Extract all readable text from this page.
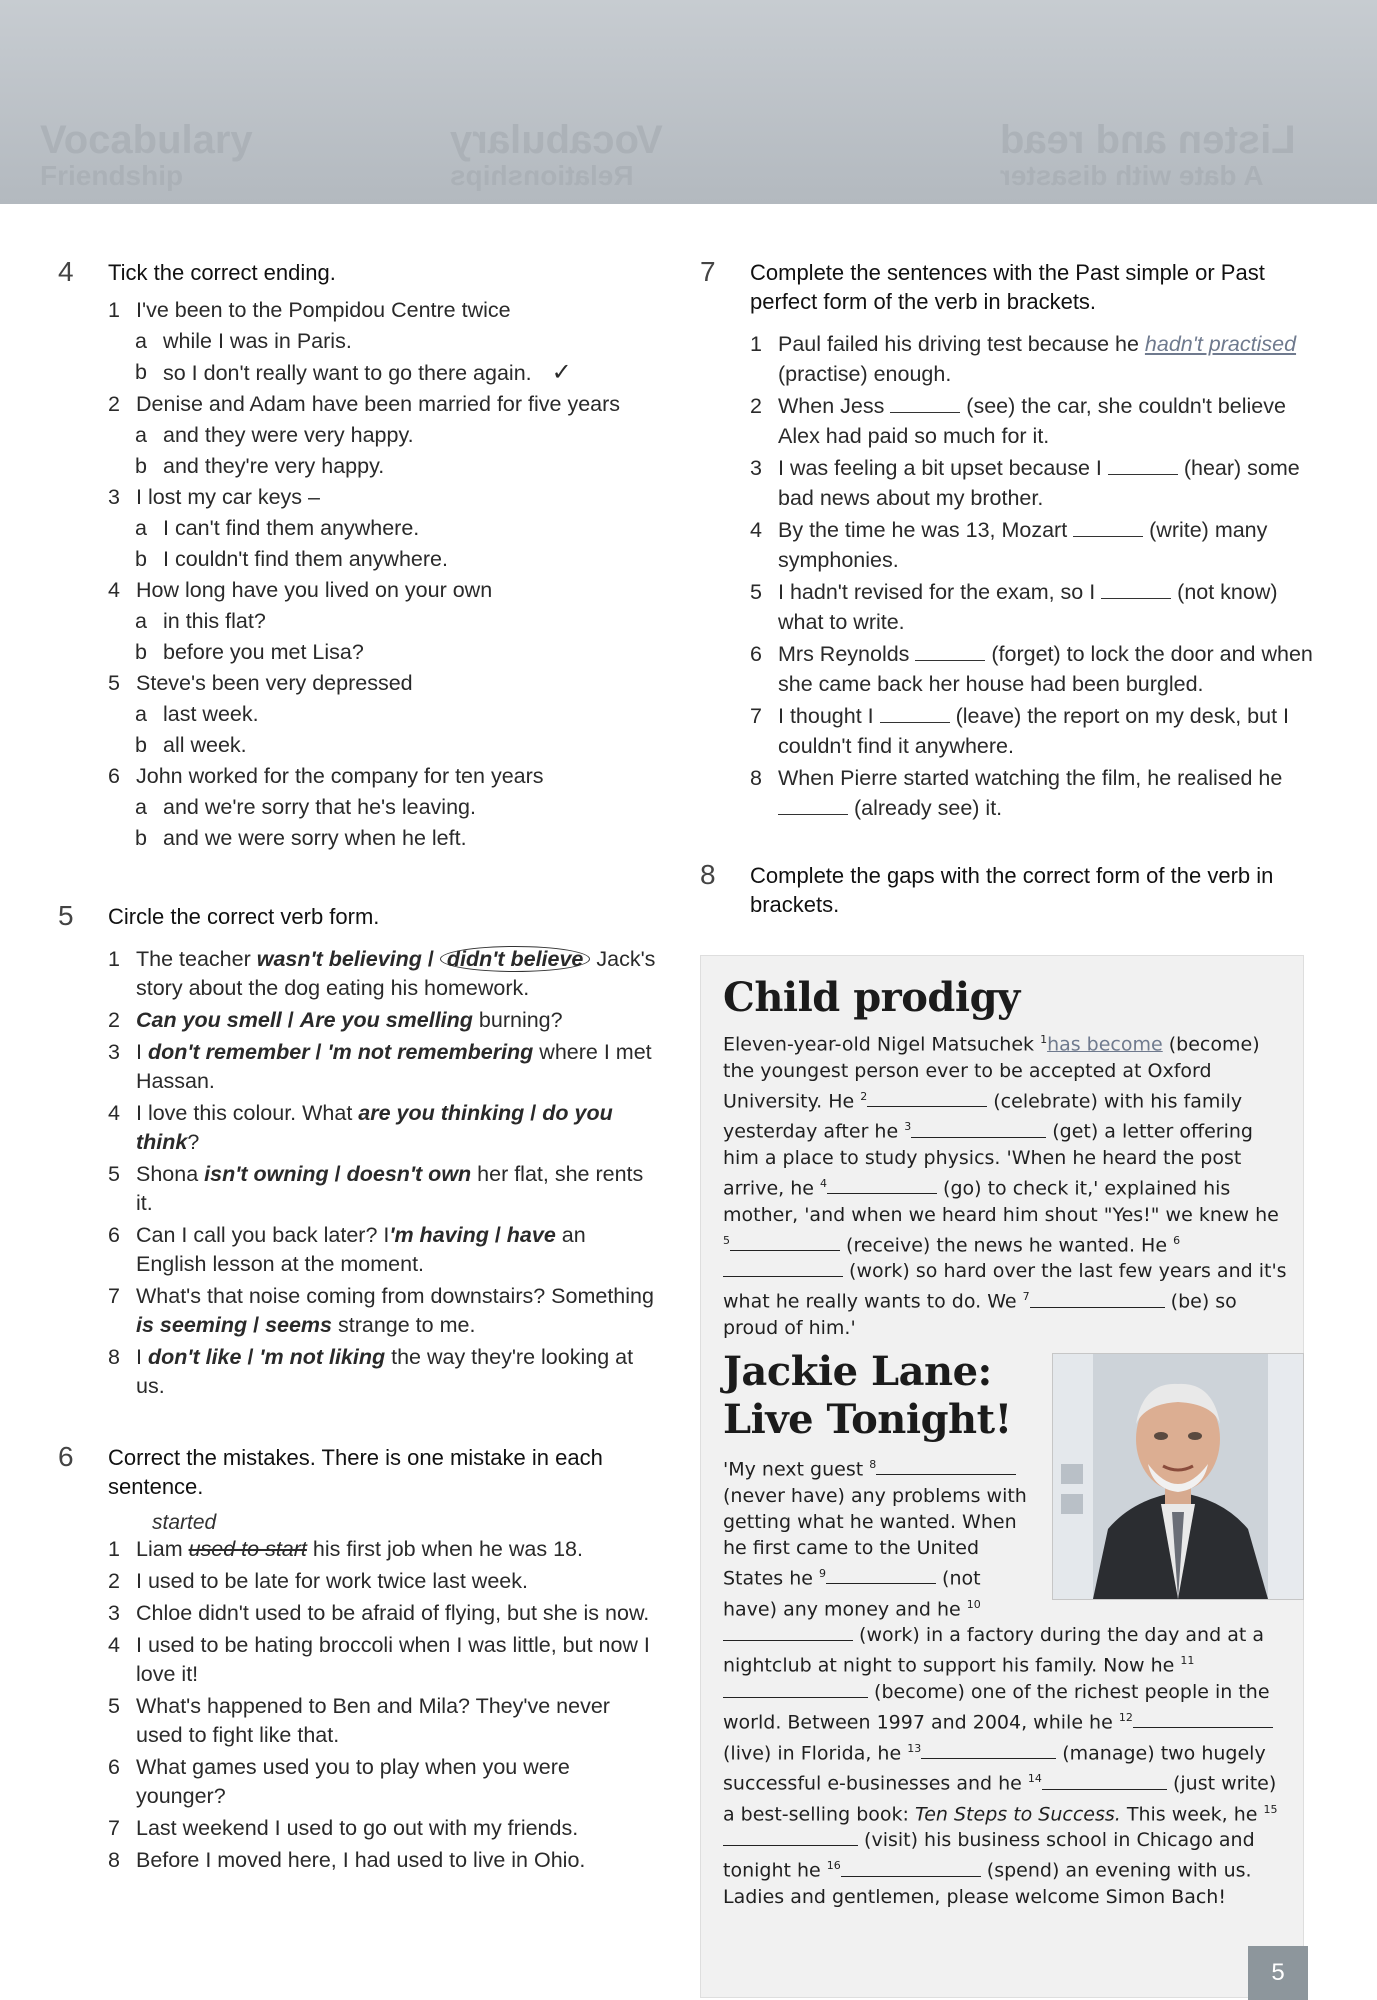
Vocabulary
Friendship
Vocabulary
Relationships
Listen and read
A date with disaster
4 Tick the correct ending.
1 I've been to the Pompidou Centre twice
a while I was in Paris.
b so I don't really want to go there again. ✓
2 Denise and Adam have been married for five years
a and they were very happy.
b and they're very happy.
3 I lost my car keys –
a I can't find them anywhere.
b I couldn't find them anywhere.
4 How long have you lived on your own
a in this flat?
b before you met Lisa?
5 Steve's been very depressed
a last week.
b all week.
6 John worked for the company for ten years
a and we're sorry that he's leaving.
b and we were sorry when he left.
5 Circle the correct verb form.
1 The teacher wasn't believing / didn't believe Jack's story about the dog eating his homework.
2 Can you smell / Are you smelling burning?
3 I don't remember / 'm not remembering where I met Hassan.
4 I love this colour. What are you thinking / do you think?
5 Shona isn't owning / doesn't own her flat, she rents it.
6 Can I call you back later? I'm having / have an English lesson at the moment.
7 What's that noise coming from downstairs? Something is seeming / seems strange to me.
8 I don't like / 'm not liking the way they're looking at us.
6 Correct the mistakes. There is one mistake in each sentence.
1
started
Liam used to start his first job when he was 18.
2 I used to be late for work twice last week.
3 Chloe didn't used to be afraid of flying, but she is now.
4 I used to be hating broccoli when I was little, but now I love it!
5 What's happened to Ben and Mila? They've never used to fight like that.
6 What games used you to play when you were younger?
7 Last weekend I used to go out with my friends.
8 Before I moved here, I had used to live in Ohio.
7 Complete the sentences with the Past simple or Past perfect form of the verb in brackets.
1 Paul failed his driving test because he hadn't practised (practise) enough.
2 When Jess	(see) the car, she couldn't believe Alex had paid so much for it.
3 I was feeling a bit upset because I	(hear) some bad news about my brother.
4 By the time he was 13, Mozart	(write) many symphonies.
5 I hadn't revised for the exam, so I	(not know) what to write.
6 Mrs Reynolds	(forget) to lock the door and when she came back her house had been burgled.
7 I thought I	(leave) the report on my desk, but I couldn't find it anywhere.
8 When Pierre started watching the film, he realised he  (already see) it.
8 Complete the gaps with the correct form of the verb in brackets.
Child prodigy

Eleven-year-old Nigel Matsuchek $^1$has become (become) the youngest person ever to be accepted at Oxford University. He $^2$	(celebrate) with his family yesterday after he $^3$	(get) a letter offering him a place to study physics. 'When he heard the post arrive, he $^4$	(go) to check it,' explained his mother, 'and when we heard him shout "Yes!" we knew he $^5$	(receive) the news he wanted. He $^6$ (work) so hard over the last few years and it's what he really wants to do. We $^7$	(be) so proud of him.'

Jackie Lane:
Live Tonight!

'My next guest $^8$ (never have) any problems with getting what he wanted. When he first came to the United States he $^9$	(not have) any money and he $^{10}$ (work) in a factory during the day and at a nightclub at night to support his family. Now he $^{11}$ (become) one of the richest people in the world. Between 1997 and 2004, while he $^{12}$ (live) in Florida, he $^{13}$	(manage) two hugely successful e-businesses and he $^{14}$	(just write) a best-selling book: Ten Steps to Success. This week, he $^{15}$ (visit) his business school in Chicago and tonight he $^{16}$	(spend) an evening with us. Ladies and gentlemen, please welcome Simon Bach!

5
